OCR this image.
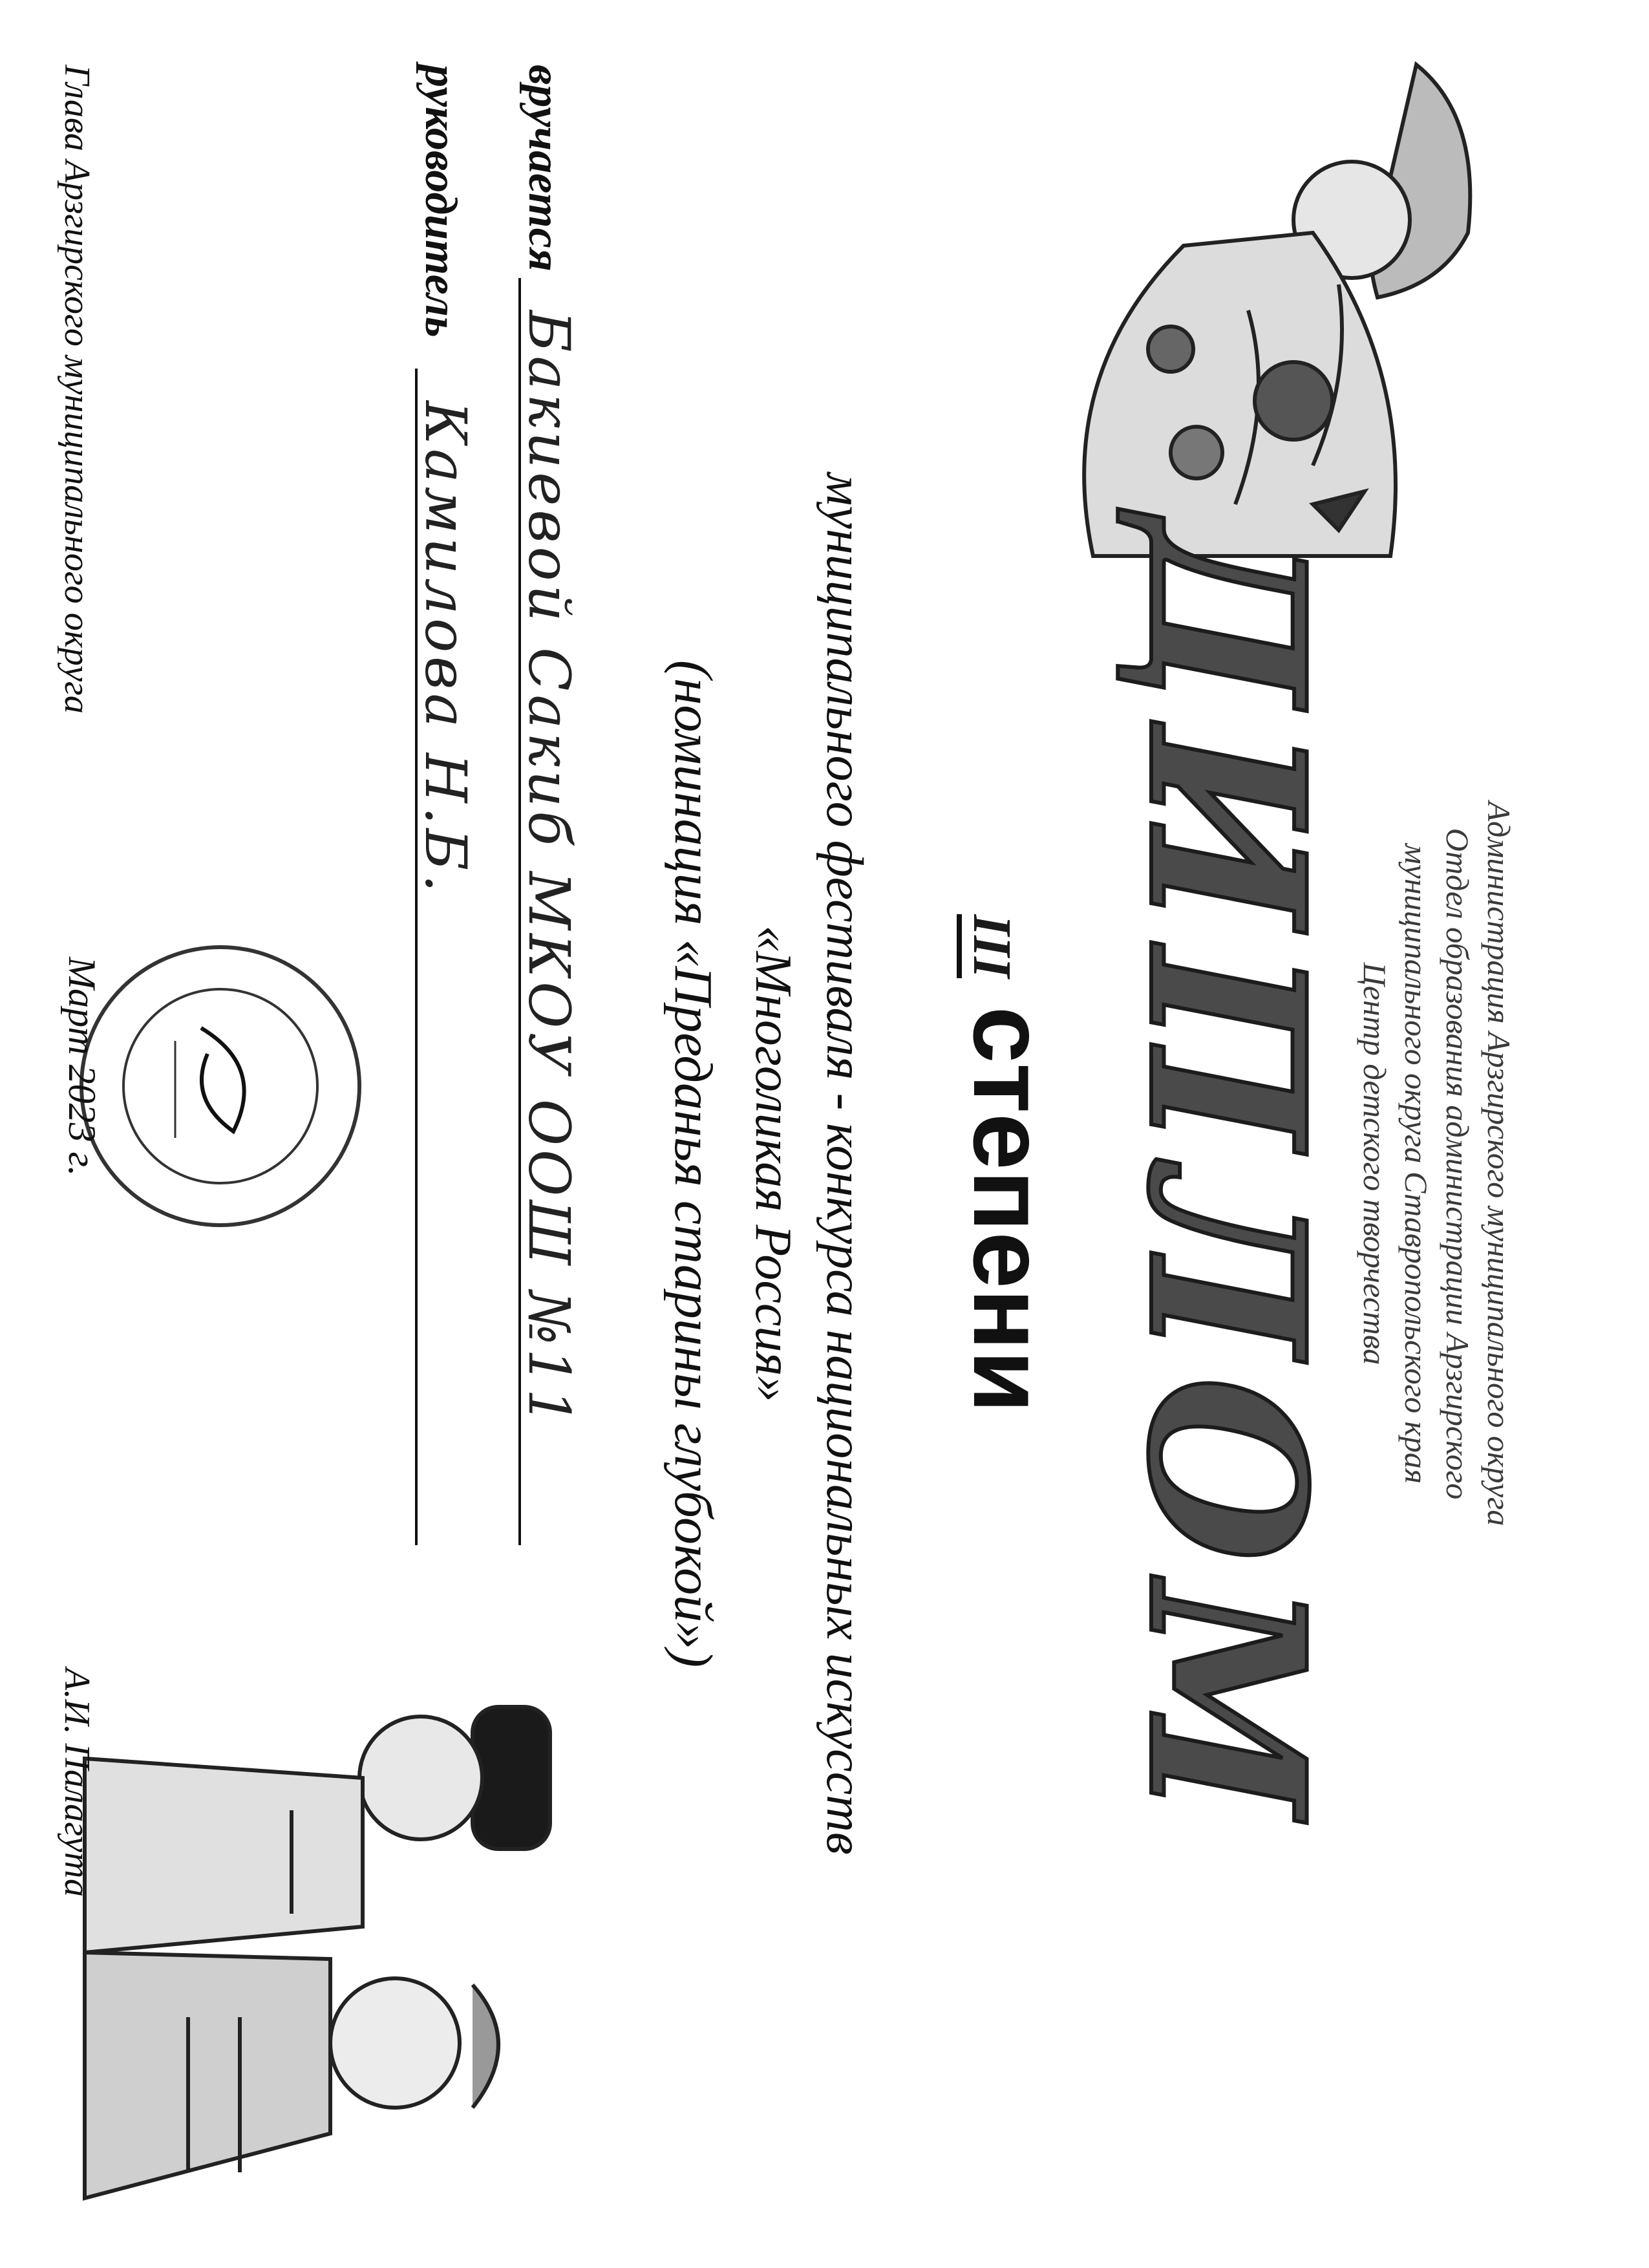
Администрация Арзгирского муниципального округа
Отдел образования администрации Арзгирского
муниципального округа Ставропольского края
Центр детского творчества
ДИПЛОМ
III степени
муниципального фестиваля - конкурса национальных искусств
«Многоликая Россия»
(номинация «Преданья старины глубокой»)
вручается
Бакиевой Сакиб МКОУ ООШ №11
руководитель
Камилова Н.Б.
Глава Арзгирского муниципального округа
Март 2023 г.
А.И. Палагута
